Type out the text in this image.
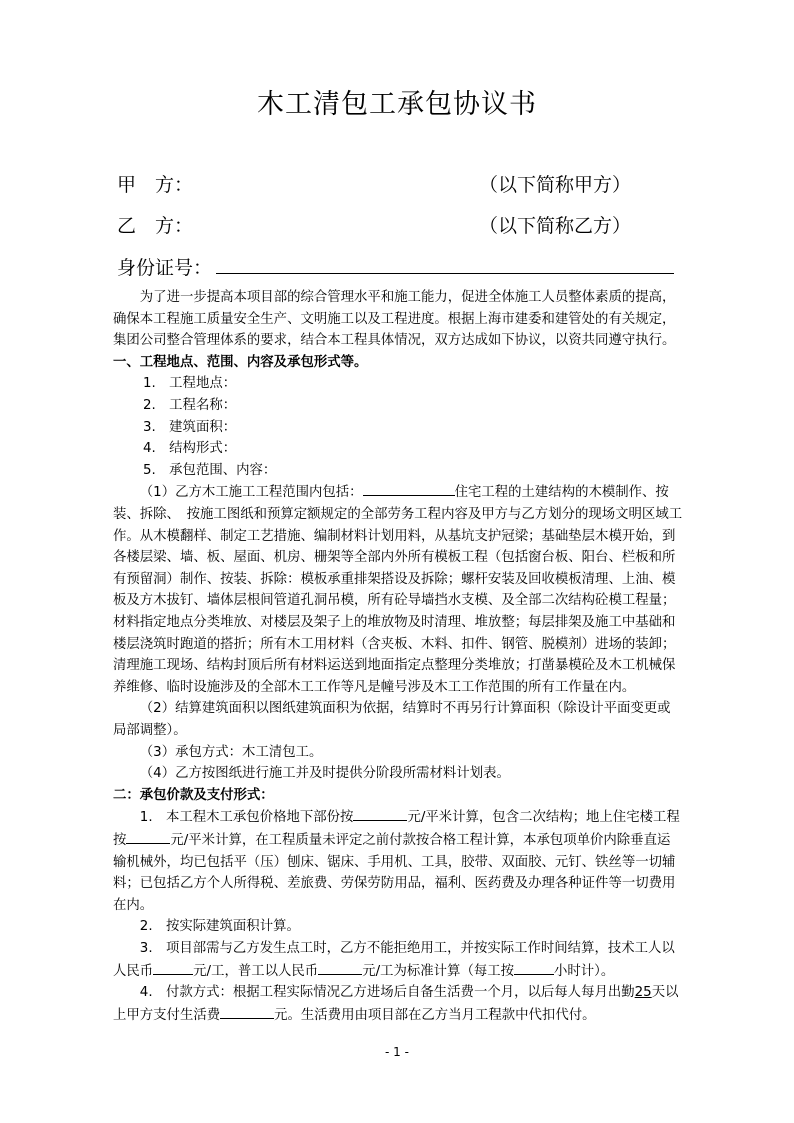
木工清包工承包协议书
甲　方：	（以下简称甲方）
乙　方：	（以下简称乙方）
身份证号：

为了进一步提高本项目部的综合管理水平和施工能力，促进全体施工人员整体素质的提高，确保本工程施工质量安全生产、文明施工以及工程进度。根据上海市建委和建管处的有关规定，集团公司整合管理体系的要求，结合本工程具体情况，双方达成如下协议，以资共同遵守执行。

一、工程地点、范围、内容及承包形式等。

1.　工程地点：

2.　工程名称：

3.　建筑面积：

4.　结构形式：

5.　承包范围、内容：

（1）乙方木工施工工程范围内包括：	住宅工程的土建结构的木模制作、按装、拆除、　按施工图纸和预算定额规定的全部劳务工程内容及甲方与乙方划分的现场文明区域工作。从木模翻样、制定工艺措施、编制材料计划用料，从基坑支护冠梁；基础垫层木模开始，到各楼层梁、墙、板、屋面、机房、栅架等全部内外所有模板工程（包括窗台板、阳台、栏板和所有预留洞）制作、按装、拆除：模板承重排架搭设及拆除；螺杆安装及回收模板清理、上油、模板及方木拔钉、墙体层根间管道孔洞吊模，所有砼导墙挡水支模、及全部二次结构砼模工程量；材料指定地点分类堆放、对楼层及架子上的堆放物及时清理、堆放整；每层排架及施工中基础和楼层浇筑时跑道的搭折；所有木工用材料（含夹板、木料、扣件、钢管、脱模剂）进场的装卸；清理施工现场、结构封顶后所有材料运送到地面指定点整理分类堆放；打凿暴模砼及木工机械保养维修、临时设施涉及的全部木工工作等凡是幢号涉及木工工作范围的所有工作量在内。

（2）结算建筑面积以图纸建筑面积为依据，结算时不再另行计算面积（除设计平面变更或局部调整）。

（3）承包方式：木工清包工。

（4）乙方按图纸进行施工并及时提供分阶段所需材料计划表。

二：承包价款及支付形式：

1.　本工程木工承包价格地下部份按	元/平米计算，包含二次结构；地上住宅楼工程按	元/平米计算，在工程质量未评定之前付款按合格工程计算，本承包项单价内除垂直运输机械外，均已包括平（压）刨床、锯床、手用机、工具，胶带、双面胶、元钉、铁丝等一切辅料；已包括乙方个人所得税、差旅费、劳保劳防用品，福利、医药费及办理各种证件等一切费用在内。

2.　按实际建筑面积计算。

3.　项目部需与乙方发生点工时，乙方不能拒绝用工，并按实际工作时间结算，技术工人以人民币	元/工，普工以人民币	元/工为标准计算（每工按	小时计）。

4.　付款方式：根据工程实际情况乙方进场后自备生活费一个月，以后每人每月出勤25天以上甲方支付生活费	元。生活费用由项目部在乙方当月工程款中代扣代付。

- 1 -
